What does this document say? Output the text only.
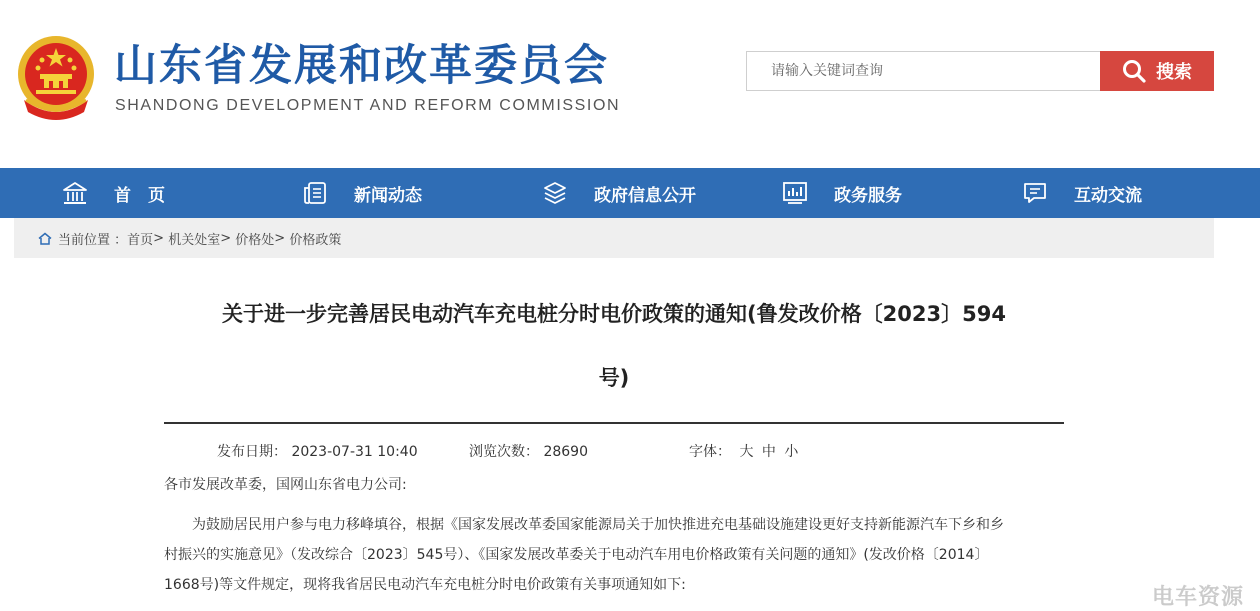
山东省发展和改革委员会
SHANDONG DEVELOPMENT AND REFORM COMMISSION
请输入关键词查询
搜索
首　页	新闻动态	政府信息公开	政务服务	互动交流
当前位置 ： 首页 >
机关处室 >
价格处 >
价格政策
关于进一步完善居民电动汽车充电桩分时电价政策的通知(鲁发改价格〔2023〕594
号)
发布日期： 2023-07-31 10:40	浏览次数： 28690	字体： 大 中 小
各市发展改革委，国网山东省电力公司:
为鼓励居民用户参与电力移峰填谷，根据《国家发展改革委国家能源局关于加快推进充电基础设施建设更好支持新能源汽车下乡和乡
村振兴的实施意见》（发改综合〔2023〕545号）、《国家发展改革委关于电动汽车用电价格政策有关问题的通知》(发改价格〔2014〕
1668号)等文件规定，现将我省居民电动汽车充电桩分时电价政策有关事项通知如下:	电车资源
